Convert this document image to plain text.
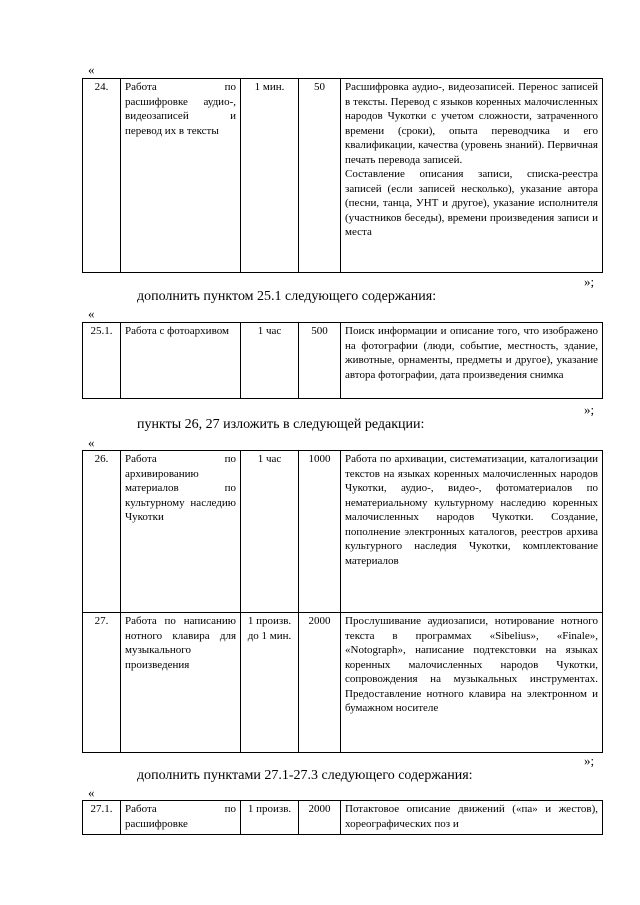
«
24.	Работа по расшифровке аудио-, видеозаписей и перевод их в тексты	1 мин.	50	Расшифровка аудио-, видеозаписей. Перенос записей в тексты. Перевод с языков коренных малочисленных народов Чукотки с учетом сложности, затраченного времени (сроки), опыта переводчика и его квалификации, качества (уровень знаний). Первичная печать перевода записей.
Составление описания записи, списка-реестра записей (если записей несколько), указание автора (песни, танца, УНТ и другое), указание исполнителя (участников беседы), времени произведения записи и места
»;
дополнить пунктом 25.1 следующего содержания:
«
25.1.	Работа с фотоархивом	1 час	500	Поиск информации и описание того, что изображено на фотографии (люди, событие, местность, здание, животные, орнаменты, предметы и другое), указание автора фотографии, дата произведения снимка
»;
пункты 26, 27 изложить в следующей редакции:
«
26.	Работа по архивированию материалов по культурному наследию Чукотки	1 час	1000	Работа по архивации, систематизации, каталогизации текстов на языках коренных малочисленных народов Чукотки, аудио-, видео-, фотоматериалов по нематериальному культурному наследию коренных малочисленных народов Чукотки. Создание, пополнение электронных каталогов, реестров архива культурного наследия Чукотки, комплектование материалов
27.	Работа по написанию нотного клавира для музыкального произведения	1 произв. до 1 мин.	2000	Прослушивание аудиозаписи, нотирование нотного текста в программах «Sibelius», «Finale», «Notograph», написание подтекстовки на языках коренных малочисленных народов Чукотки, сопровождения на музыкальных инструментах. Предоставление нотного клавира на электронном и бумажном носителе
»;
дополнить пунктами 27.1-27.3 следующего содержания:
«
27.1.	Работа по расшифровке	1 произв.	2000	Потактовое описание движений («па» и жестов), хореографических поз и
